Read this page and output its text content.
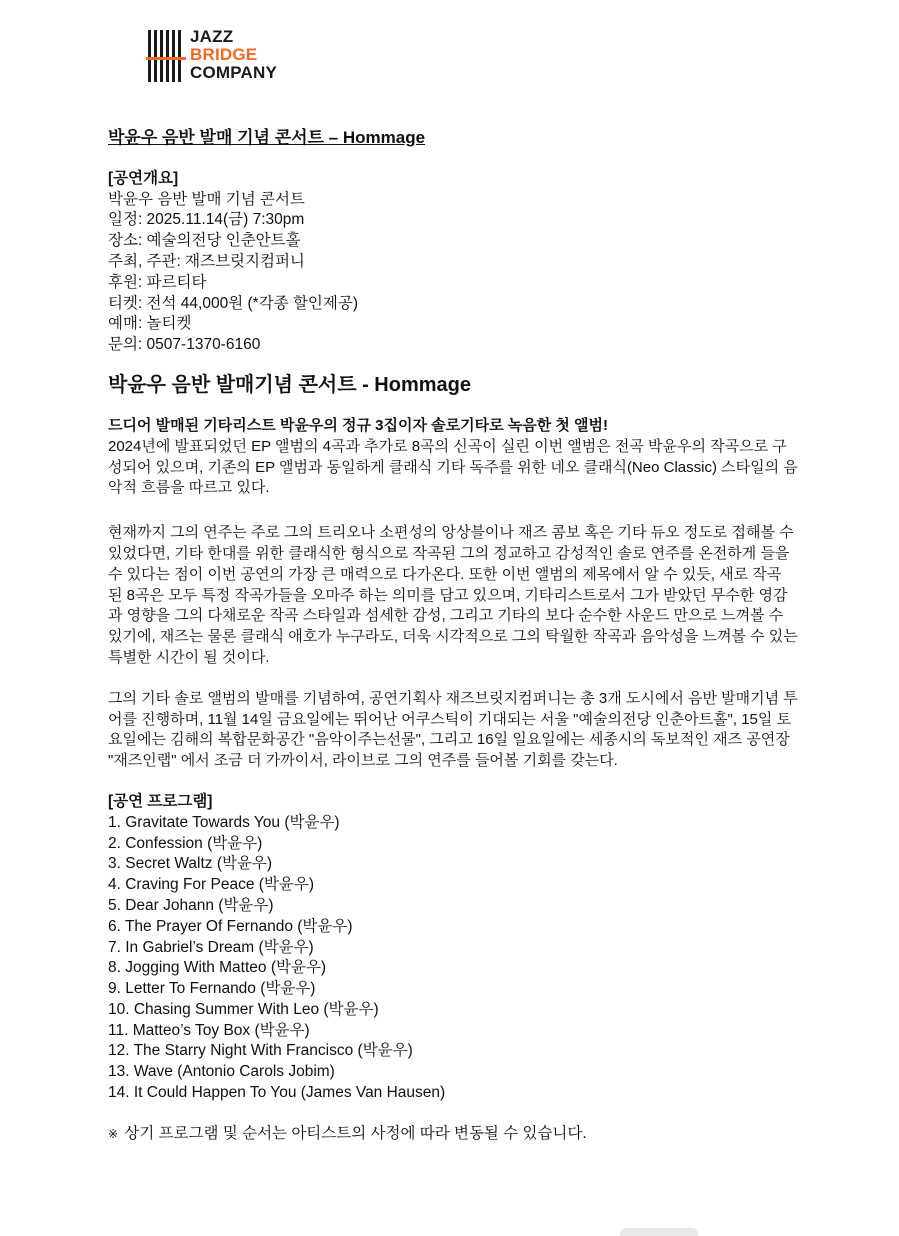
JAZZ
BRIDGE
COMPANY
박윤우 음반 발매 기념 콘서트 – Hommage
[공연개요]
박윤우 음반 발매 기념 콘서트
일정: 2025.11.14(금) 7:30pm
장소: 예술의전당 인춘안트홀
주최, 주관: 재즈브릿지컴퍼니
후원: 파르티타
티켓: 전석 44,000원 (*각종 할인제공)
예매: 놀티켓
문의: 0507-1370-6160
박윤우 음반 발매기념 콘서트 - Hommage
드디어 발매된 기타리스트 박윤우의 정규 3집이자 솔로기타로 녹음한 첫 앨범!
2024년에 발표되었던 EP 앨범의 4곡과 추가로 8곡의 신곡이 실린 이번 앨범은 전곡 박윤우의 작곡으로 구성되어 있으며, 기존의 EP 앨범과 동일하게 클래식 기타 독주를 위한 네오 클래식(Neo Classic) 스타일의 음악적 흐름을 따르고 있다.
현재까지 그의 연주는 주로 그의 트리오나 소편성의 앙상블이나 재즈 콤보 혹은 기타 듀오 정도로 접해볼 수 있었다면, 기타 한대를 위한 클래식한 형식으로 작곡된 그의 정교하고 감성적인 솔로 연주를 온전하게 들을 수 있다는 점이 이번 공연의 가장 큰 매력으로 다가온다. 또한 이번 앨범의 제목에서 알 수 있듯, 새로 작곡 된 8곡은 모두 특정 작곡가들을 오마주 하는 의미를 담고 있으며, 기타리스트로서 그가 받았던 무수한 영감과 영향을 그의 다채로운 작곡 스타일과 섬세한 감성, 그리고 기타의 보다 순수한 사운드 만으로 느껴볼 수 있기에, 재즈는 물론 클래식 애호가 누구라도, 더욱 시각적으로 그의 탁월한 작곡과 음악성을 느껴볼 수 있는 특별한 시간이 될 것이다.
그의 기타 솔로 앨범의 발매를 기념하여, 공연기획사 재즈브릿지컴퍼니는 총 3개 도시에서 음반 발매기념 투어를 진행하며, 11월 14일 금요일에는 뛰어난 어쿠스틱이 기대되는 서울 "예술의전당 인춘아트홀", 15일 토요일에는 김해의 복합문화공간 "음악이주는선물", 그리고 16일 일요일에는 세종시의 독보적인 재즈 공연장 "재즈인랩" 에서 조금 더 가까이서, 라이브로 그의 연주를 들어볼 기회를 갖는다.
[공연 프로그램]
1. Gravitate Towards You (박윤우)
2. Confession (박윤우)
3. Secret Waltz (박윤우)
4. Craving For Peace (박윤우)
5. Dear Johann (박윤우)
6. The Prayer Of Fernando (박윤우)
7. In Gabriel’s Dream (박윤우)
8. Jogging With Matteo (박윤우)
9. Letter To Fernando (박윤우)
10. Chasing Summer With Leo (박윤우)
11. Matteo’s Toy Box (박윤우)
12. The Starry Night With Francisco (박윤우)
13. Wave (Antonio Carols Jobim)
14. It Could Happen To You (James Van Hausen)
※ 상기 프로그램 및 순서는 아티스트의 사정에 따라 변동될 수 있습니다.
